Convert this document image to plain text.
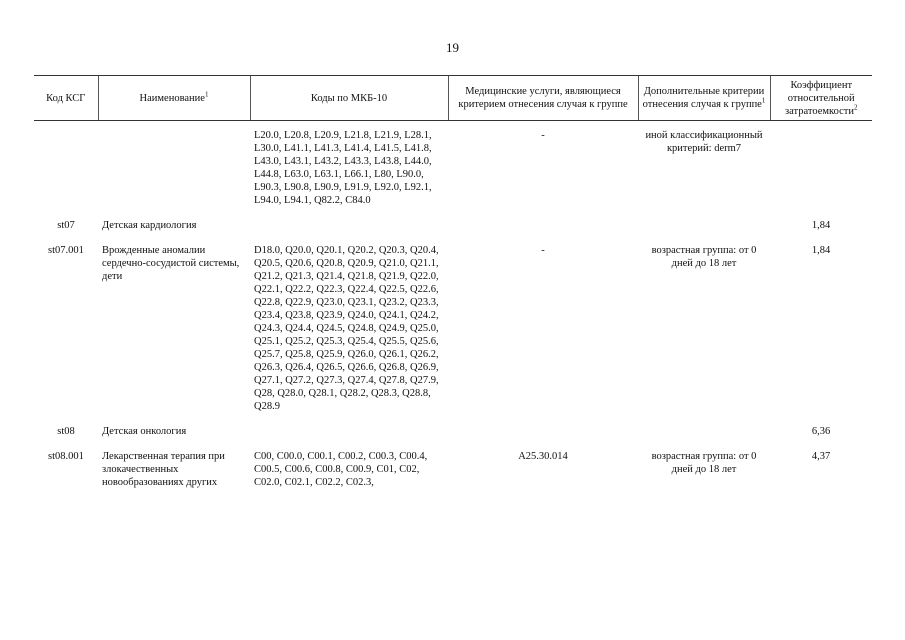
19
Код КСГ	Наименование$^1$	Коды по МКБ-10	Медицинские услуги, являющиеся критерием отнесения случая к группе	Дополнительные критерии отнесения случая к группе$^1$	Коэффициент относительной затратоемкости$^2$

		L20.0, L20.8, L20.9, L21.8, L21.9, L28.1, L30.0, L41.1, L41.3, L41.4, L41.5, L41.8, L43.0, L43.1, L43.2, L43.3, L43.8, L44.0, L44.8, L63.0, L63.1, L66.1, L80, L90.0, L90.3, L90.8, L90.9, L91.9, L92.0, L92.1, L94.0, L94.1, Q82.2, C84.0	-	иной классификационный критерий: derm7	

st07	Детская кардиология				1,84

st07.001	Врожденные аномалии сердечно-сосудистой системы, дети	D18.0, Q20.0, Q20.1, Q20.2, Q20.3, Q20.4, Q20.5, Q20.6, Q20.8, Q20.9, Q21.0, Q21.1, Q21.2, Q21.3, Q21.4, Q21.8, Q21.9, Q22.0, Q22.1, Q22.2, Q22.3, Q22.4, Q22.5, Q22.6, Q22.8, Q22.9, Q23.0, Q23.1, Q23.2, Q23.3, Q23.4, Q23.8, Q23.9, Q24.0, Q24.1, Q24.2, Q24.3, Q24.4, Q24.5, Q24.8, Q24.9, Q25.0, Q25.1, Q25.2, Q25.3, Q25.4, Q25.5, Q25.6, Q25.7, Q25.8, Q25.9, Q26.0, Q26.1, Q26.2, Q26.3, Q26.4, Q26.5, Q26.6, Q26.8, Q26.9, Q27.1, Q27.2, Q27.3, Q27.4, Q27.8, Q27.9, Q28, Q28.0, Q28.1, Q28.2, Q28.3, Q28.8, Q28.9	-	возрастная группа: от 0 дней до 18 лет	1,84

st08	Детская онкология				6,36

st08.001	Лекарственная терапия при злокачественных новообразованиях других	C00, C00.0, C00.1, C00.2, C00.3, C00.4, C00.5, C00.6, C00.8, C00.9, C01, C02, C02.0, C02.1, C02.2, C02.3,	A25.30.014	возрастная группа: от 0 дней до 18 лет	4,37
